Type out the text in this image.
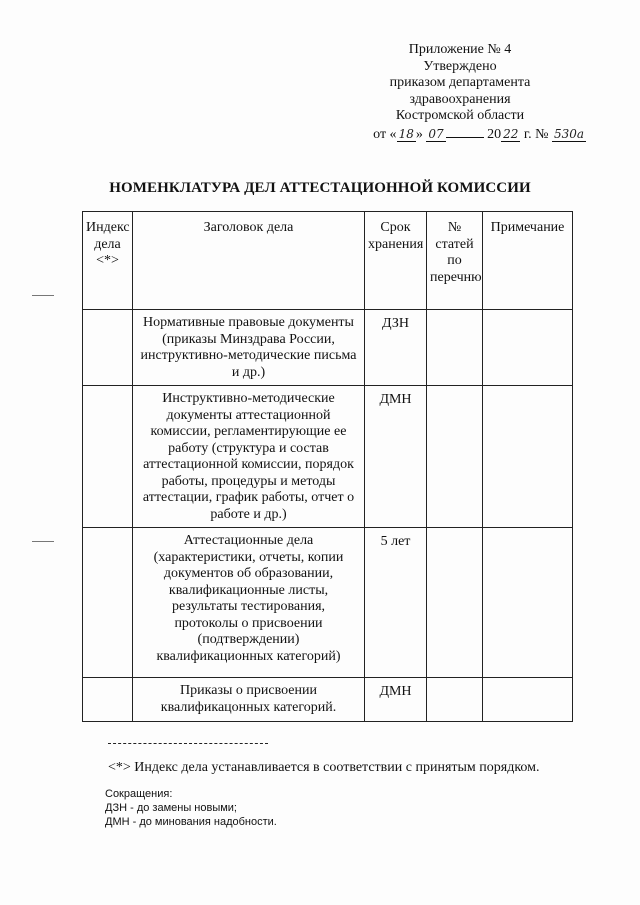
Приложение № 4
Утверждено
приказом департамента
здравоохранения
Костромской области
от « 18 » 07	20 22 г. № 530а
НОМЕНКЛАТУРА ДЕЛ АТТЕСТАЦИОННОЙ КОМИССИИ
Индекс дела <*>	Заголовок дела	Срок хранения	№ статей по перечню	Примечание
	Нормативные правовые документы (приказы Минздрава России, инструктивно-методические письма и др.)	ДЗН		
	Инструктивно-методические документы аттестационной комиссии, регламентирующие ее работу (структура и состав аттестационной комиссии, порядок работы, процедуры и методы аттестации, график работы, отчет о работе и др.)	ДМН		
	Аттестационные дела (характеристики, отчеты, копии документов об образовании, квалификационные листы, результаты тестирования, протоколы о присвоении (подтверждении) квалификационных категорий)	5 лет		
	Приказы о присвоении квалификацонных категорий.	ДМН		
<*> Индекс дела устанавливается в соответствии с принятым порядком.
Сокращения:
ДЗН - до замены новыми;
ДМН - до минования надобности.
